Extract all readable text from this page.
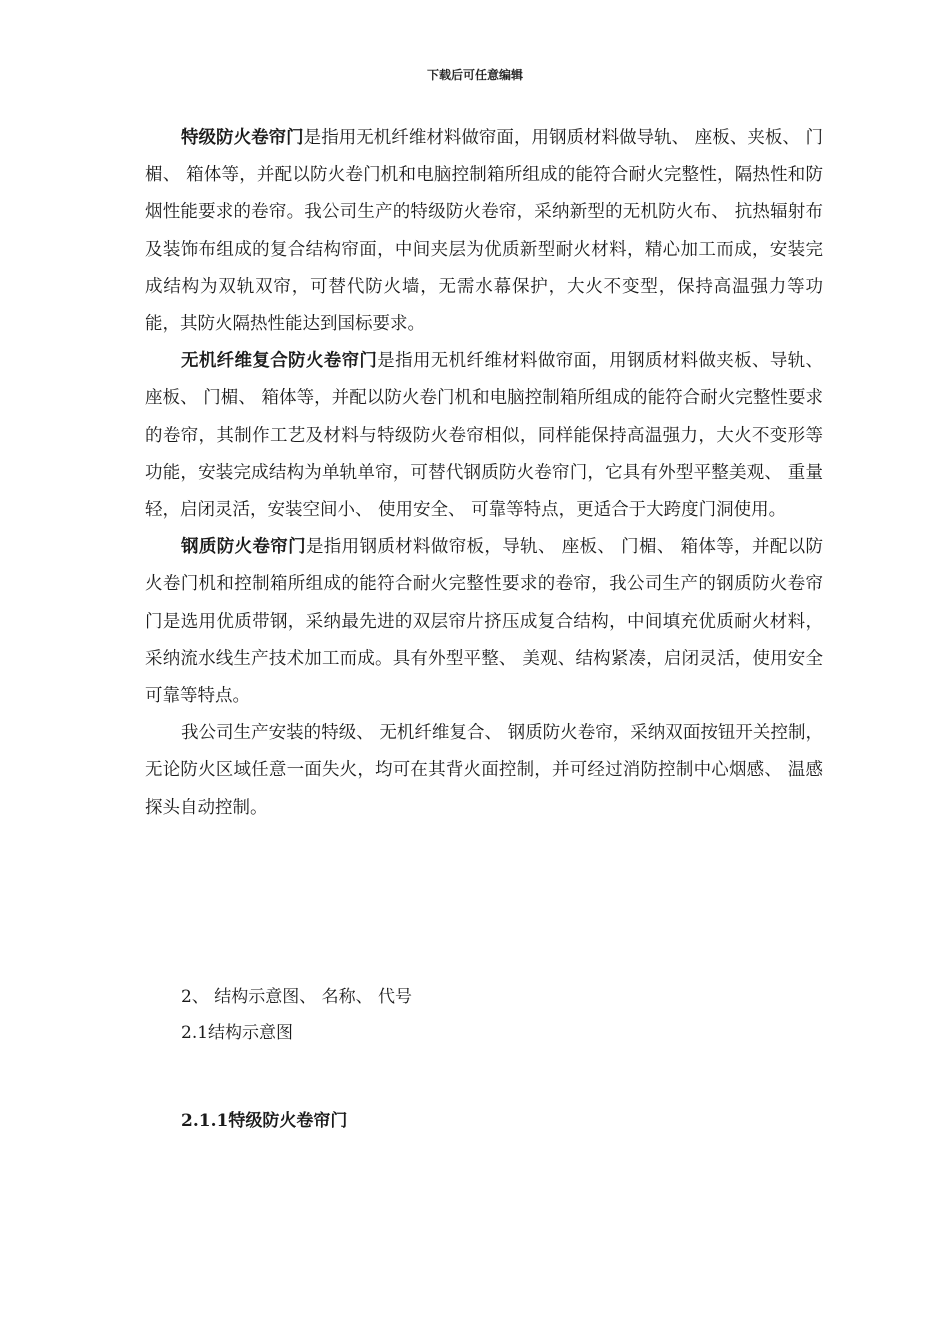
下载后可任意编辑

特级防火卷帘门是指用无机纤维材料做帘面，用钢质材料做导轨、 座板、夹板、 门楣、 箱体等，并配以防火卷门机和电脑控制箱所组成的能符合耐火完整性，隔热性和防烟性能要求的卷帘。我公司生产的特级防火卷帘，采纳新型的无机防火布、 抗热辐射布及装饰布组成的复合结构帘面，中间夹层为优质新型耐火材料，精心加工而成，安装完成结构为双轨双帘，可替代防火墙，无需水幕保护，大火不变型，保持高温强力等功能，其防火隔热性能达到国标要求。

无机纤维复合防火卷帘门是指用无机纤维材料做帘面，用钢质材料做夹板、导轨、 座板、 门楣、 箱体等，并配以防火卷门机和电脑控制箱所组成的能符合耐火完整性要求的卷帘，其制作工艺及材料与特级防火卷帘相似，同样能保持高温强力，大火不变形等功能，安装完成结构为单轨单帘，可替代钢质防火卷帘门，它具有外型平整美观、 重量轻，启闭灵活，安装空间小、 使用安全、 可靠等特点，更适合于大跨度门洞使用。

钢质防火卷帘门是指用钢质材料做帘板，导轨、 座板、 门楣、 箱体等，并配以防火卷门机和控制箱所组成的能符合耐火完整性要求的卷帘，我公司生产的钢质防火卷帘门是选用优质带钢，采纳最先进的双层帘片挤压成复合结构，中间填充优质耐火材料，采纳流水线生产技术加工而成。具有外型平整、 美观、结构紧凑，启闭灵活，使用安全可靠等特点。

我公司生产安装的特级、 无机纤维复合、 钢质防火卷帘，采纳双面按钮开关控制，无论防火区域任意一面失火，均可在其背火面控制，并可经过消防控制中心烟感、 温感探头自动控制。

2、 结构示意图、 名称、 代号
2.1结构示意图
2.1.1特级防火卷帘门
